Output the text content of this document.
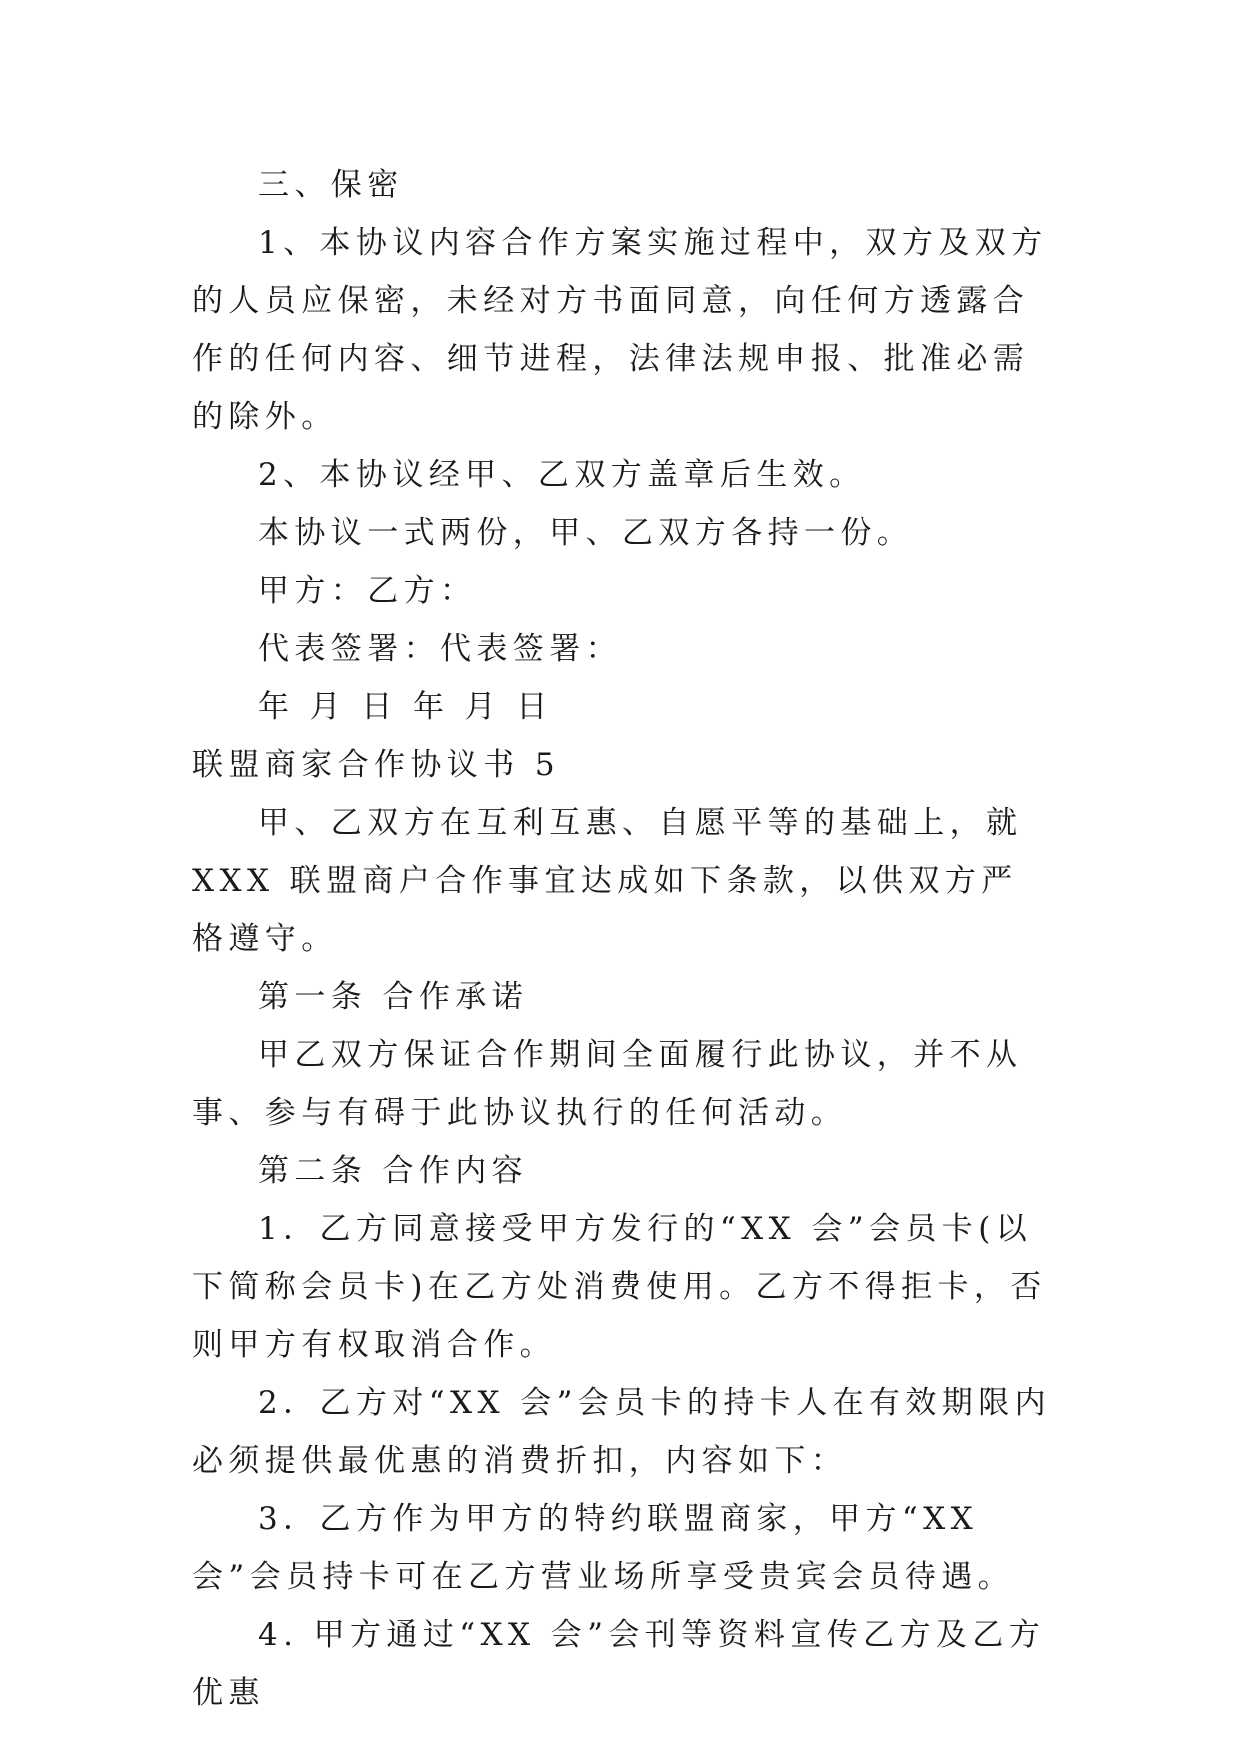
三、保密

1、本协议内容合作方案实施过程中，双方及双方的人员应保密，未经对方书面同意，向任何方透露合作的任何内容、细节进程，法律法规申报、批准必需的除外。

2、本协议经甲、乙双方盖章后生效。

本协议一式两份，甲、乙双方各持一份。

甲方：乙方：

代表签署：代表签署：

年 月 日 年 月 日

联盟商家合作协议书 5

甲、乙双方在互利互惠、自愿平等的基础上，就 XXX 联盟商户合作事宜达成如下条款，以供双方严格遵守。

第一条 合作承诺

甲乙双方保证合作期间全面履行此协议，并不从事、参与有碍于此协议执行的任何活动。

第二条 合作内容

1．乙方同意接受甲方发行的“XX 会”会员卡(以下简称会员卡)在乙方处消费使用。乙方不得拒卡，否则甲方有权取消合作。

2．乙方对“XX 会”会员卡的持卡人在有效期限内必须提供最优惠的消费折扣，内容如下：

3．乙方作为甲方的特约联盟商家，甲方“XX 会”会员持卡可在乙方营业场所享受贵宾会员待遇。

4. 甲方通过“XX 会”会刊等资料宣传乙方及乙方优惠
